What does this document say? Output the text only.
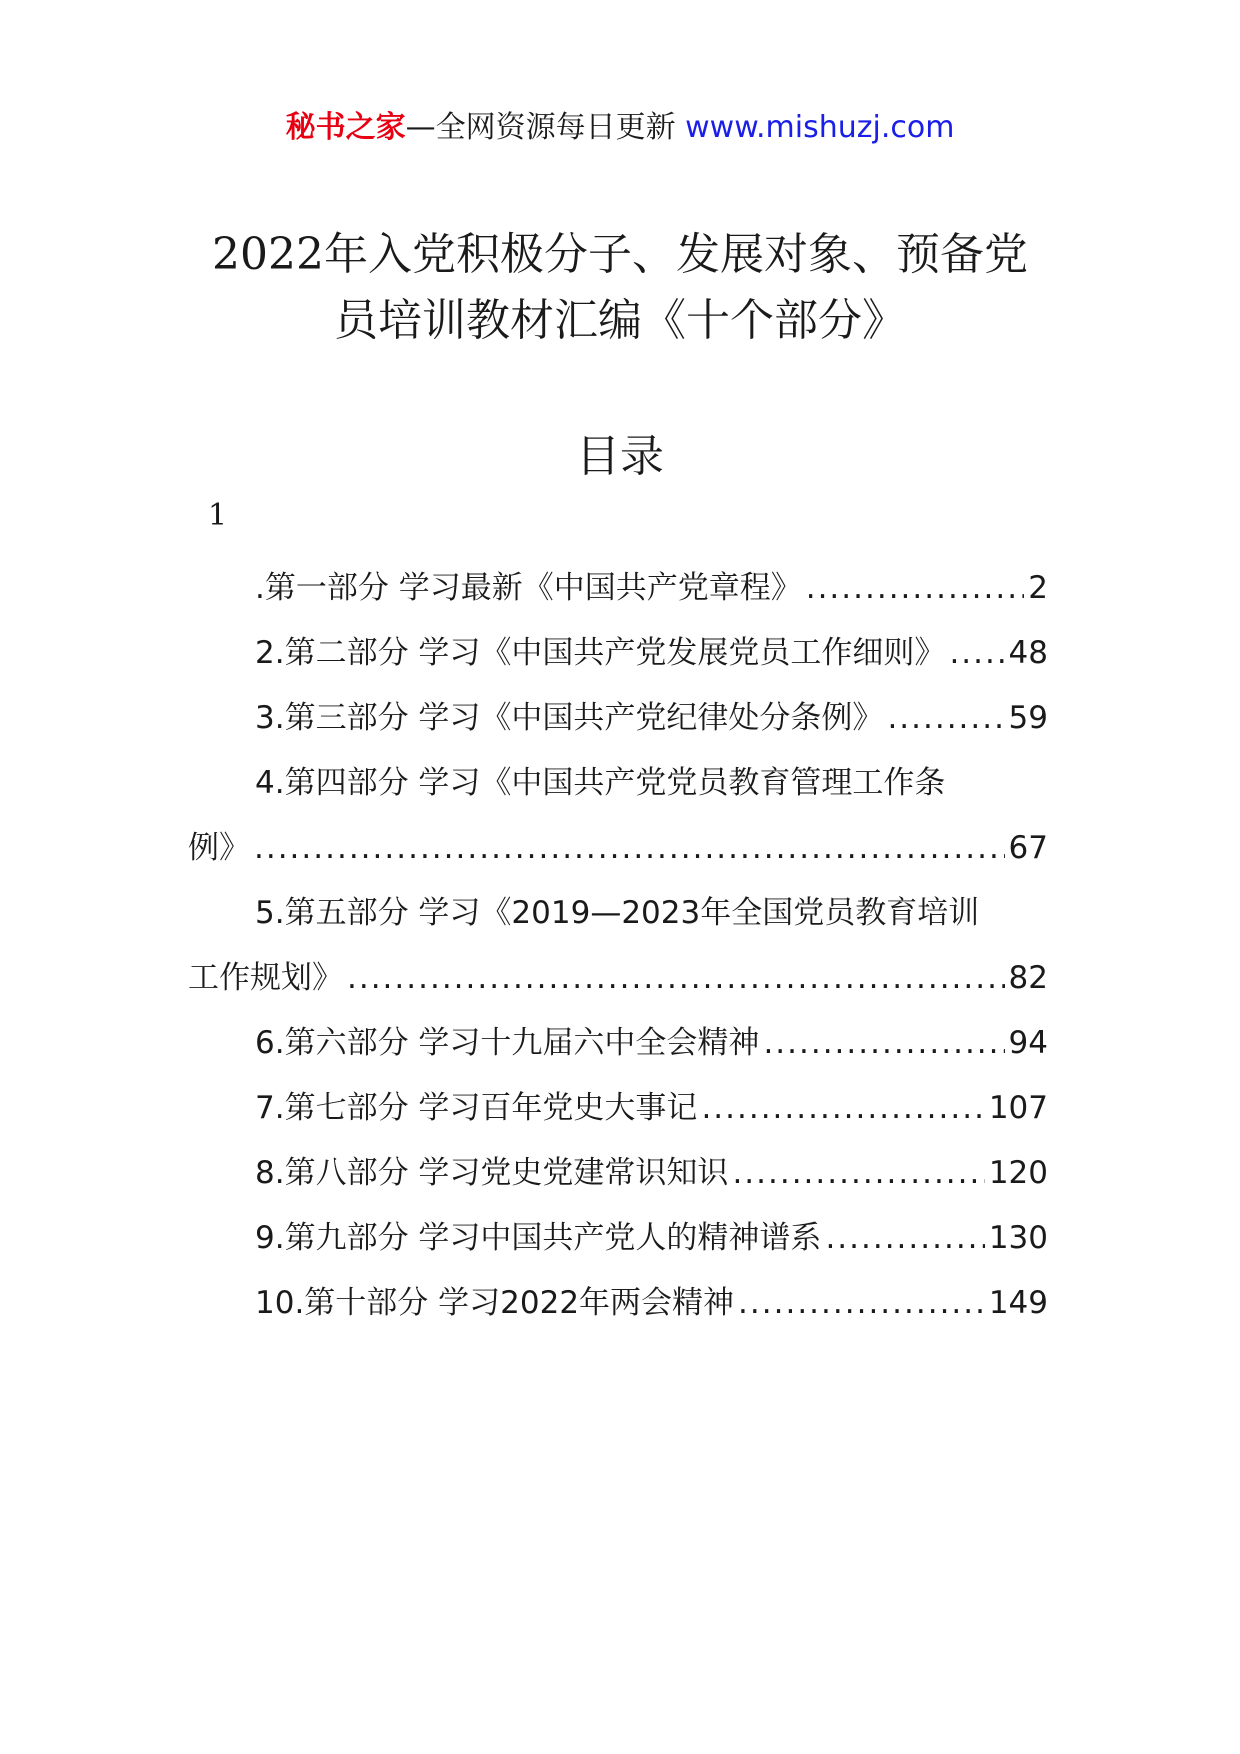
秘书之家—全网资源每日更新 www.mishuzj.com
2022年入党积极分子、发展对象、预备党
员培训教材汇编《十个部分》
目录
1
.第一部分 学习最新《中国共产党章程》 .....	2
2.第二部分 学习《中国共产党发展党员工作细则》 ..... 48
3.第三部分 学习《中国共产党纪律处分条例》 .....	59
4.第四部分 学习《中国共产党党员教育管理工作条
例》 .....	67
5.第五部分 学习《2019—2023年全国党员教育培训
工作规划》 .....	82
6.第六部分 学习十九届六中全会精神 .....	94
7.第七部分 学习百年党史大事记 .....	107
8.第八部分 学习党史党建常识知识 .....	120
9.第九部分 学习中国共产党人的精神谱系 .....	130
10.第十部分 学习2022年两会精神 .....	149
